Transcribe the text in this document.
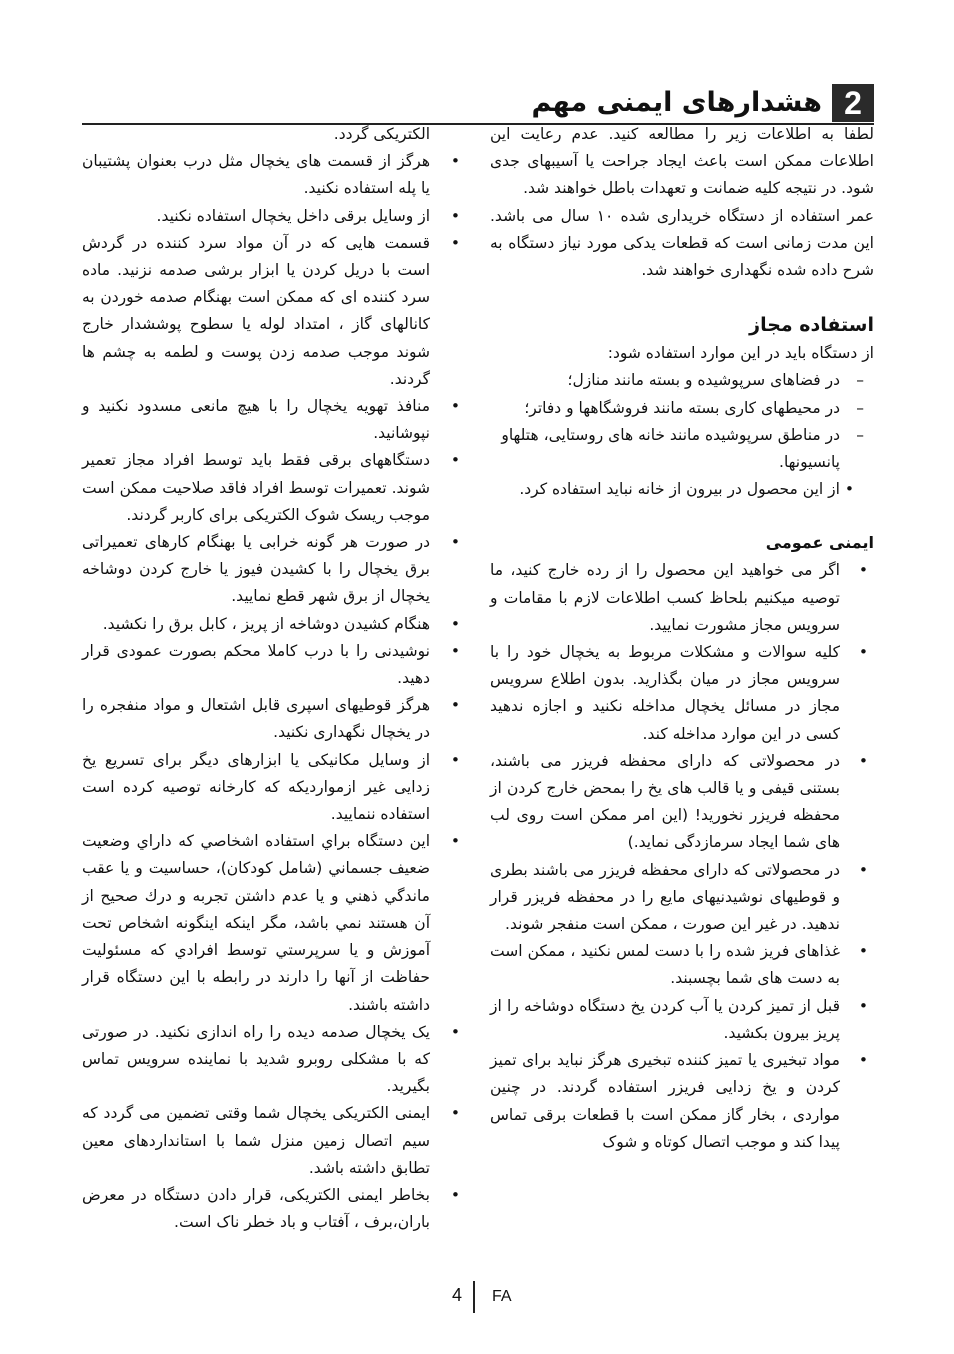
2
هشدارهای ایمنی مهم

لطفا به اطلاعات زیر را مطالعه کنید. عدم رعایت این اطلاعات ممکن است باعث ایجاد جراحت یا آسیبهای جدی شود. در نتیجه کلیه ضمانت و تعهدات باطل خواهند شد.

عمر استفاده از دستگاه خریداری شده ۱۰ سال می باشد. این مدت زمانی است که قطعات یدکی مورد نیاز دستگاه به شرح داده شده نگهداری خواهند شد.

استفاده مجاز

از دستگاه باید در این موارد استفاده شود:

– در فضاهای سرپوشیده و بسته مانند منازل؛
– در محیطهای کاری بسته مانند فروشگاهها و دفاتر؛
– در مناطق سرپوشیده مانند خانه های روستایی، هتلهاو پانسیونها.

• از این محصول در بیرون از خانه نباید استفاده کرد.

ایمنی عمومی
• اگر می خواهید این محصول را از رده خارج کنید، ما توصیه میکنیم بلحاظ کسب اطلاعات لازم با مقامات و سرویس مجاز مشورت نمایید.
• کلیه سوالات و مشکلات مربوط به یخچال خود را با سرویس مجاز در میان بگذارید. بدون اطلاع سرویس مجاز در مسائل یخچال مداخله نکنید و اجازه ندهید کسی در این موارد مداخله کند.
• در محصولاتی که دارای محفظه فریزر می باشند، بستنی قیفی و یا قالب های یخ را بمحض خارج کردن از محفظه فریزر نخورید! (این امر ممکن است روی لب های شما ایجاد سرمازدگی نماید.)
• در محصولاتی که دارای محفظه فریزر می باشند بطری و قوطیهای نوشیدنیهای مایع را در محفظه فریزر قرار ندهید. در غیر این صورت ، ممکن است منفجر شوند.
• غذاهای فریز شده را با دست لمس نکنید ، ممکن است به دست های شما بچسبند.
• قبل از تمیز کردن یا آب کردن یخ دستگاه دوشاخه را از پریز بیرون بکشید.
• مواد تبخیری یا تمیز کننده تبخیری هرگز نباید برای تمیز کردن و یخ زدایی فریزر استفاده گردند. در چنین مواردی ، بخار گاز ممکن است با قطعات برقی تماس پیدا کند و موجب اتصال کوتاه و شوک
الکتریکی گردد.
• هرگز از قسمت های یخچال مثل درب بعنوان پشتیبان یا پله استفاده نکنید.
• از وسایل برقی داخل یخچال استفاده نکنید.
• قسمت هایی که در آن مواد سرد کننده در گردش است با دریل کردن یا ابزار برشی صدمه نزنید. ماده سرد کننده ای که ممکن است بهنگام صدمه خوردن به کانالهای گاز ، امتداد لوله یا سطوح پوششدار خارج شوند موجب صدمه زدن پوست و لطمه به چشم ها گردند.
• منافذ تهویه یخچال را با هیچ مانعی مسدود نکنید و نپوشانید.
• دستگاههای برقی فقط باید توسط افراد مجاز تعمیر شوند. تعمیرات توسط افراد فاقد صلاحیت ممکن است موجب ریسک شوک الکتریکی برای کاربر گردند.
• در صورت هر گونه خرابی یا بهنگام کارهای تعمیراتی برق یخچال را با کشیدن فیوز یا خارج کردن دوشاخه یخچال از برق شهر قطع نمایید.
• هنگام کشیدن دوشاخه از پریز ، کابل برق را نکشید.
• نوشیدنی را با درب کاملا محکم بصورت عمودی قرار دهید.
• هرگز قوطیهای اسپری قابل اشتعال و مواد منفجره را در یخچال نگهداری نکنید.
• از وسایل مکانیکی یا ابزارهای دیگر برای تسریع یخ زدایی غیر ازمواردیکه که کارخانه توصیه کرده است استفاده ننمایید.
• اين دستگاه براي استفاده اشخاصي که داراي وضعيت ضعيف جسماني (شامل کودکان)، حساسيت و يا عقب ماندگي ذهني و يا عدم داشتن تجربه و درك صحيح از آن هستند نمي باشد، مگر اينکه اينگونه اشخاص تحت آموزش و يا سرپرستي توسط افرادي که مسئوليت حفاظت از آنها را دارند در رابطه با اين دستگاه قرار داشته باشند.
• یک یخچال صدمه دیده را راه اندازی نکنید. در صورتی که با مشکلی روبرو شدید با نماینده سرویس تماس بگیرید.
• ایمنی الکتریکی یخچال شما وقتی تضمین می گردد که سیم اتصال زمین منزل شما با استانداردهای معین تطابق داشته باشد.
• بخاطر ایمنی الکتریکی، قرار دادن دستگاه در معرض باران،برف ، آفتاب و باد خطر ناک است.
4 FA
